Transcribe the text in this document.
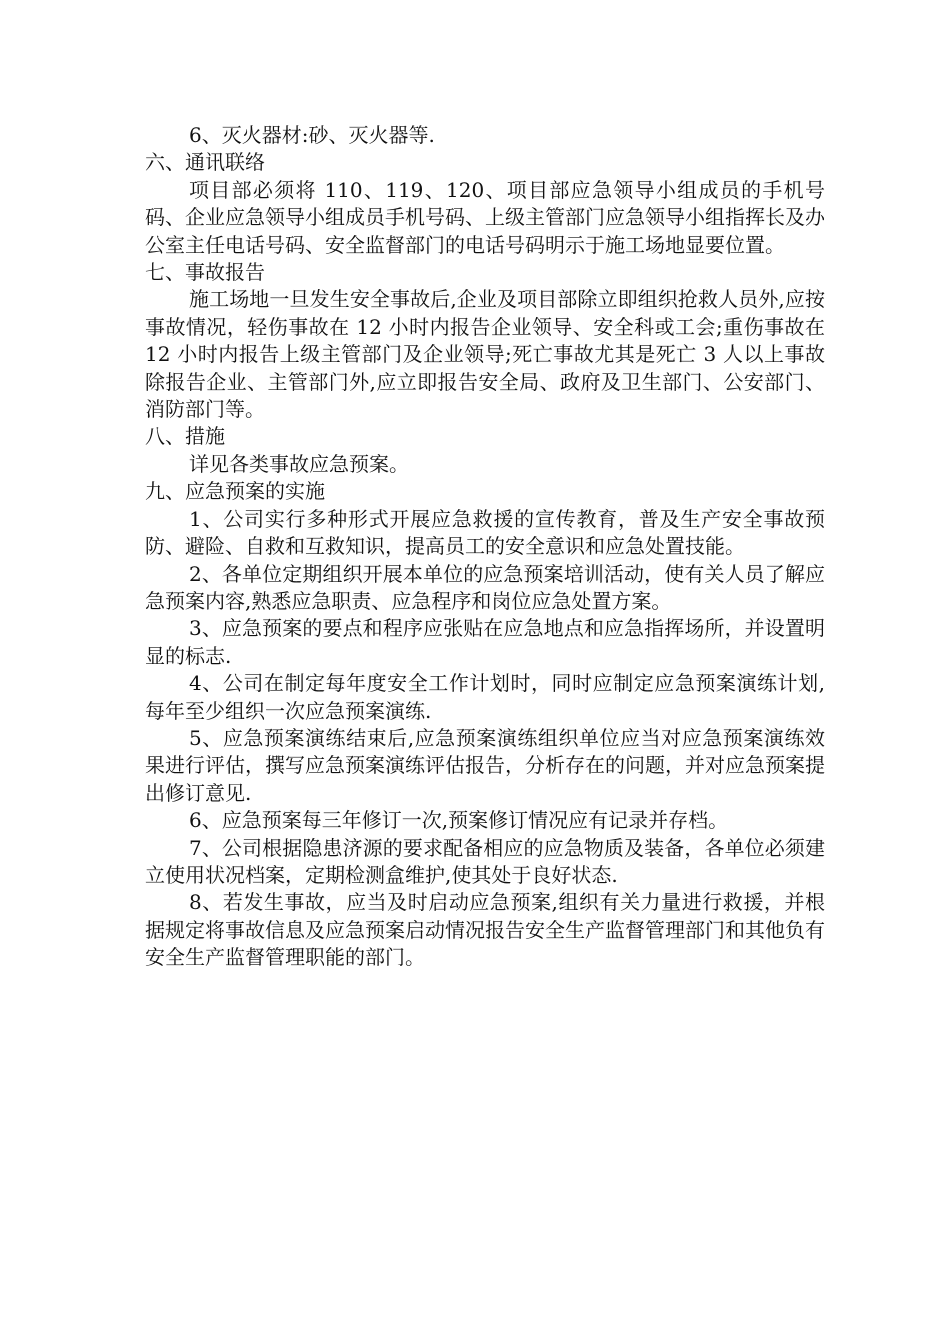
6、灭火器材:砂、灭火器等.

六、通讯联络

项目部必须将 110、119、120、项目部应急领导小组成员的手机号码、企业应急领导小组成员手机号码、上级主管部门应急领导小组指挥长及办公室主任电话号码、安全监督部门的电话号码明示于施工场地显要位置。

七、事故报告

施工场地一旦发生安全事故后,企业及项目部除立即组织抢救人员外,应按事故情况，轻伤事故在 12 小时内报告企业领导、安全科或工会;重伤事故在 12 小时内报告上级主管部门及企业领导;死亡事故尤其是死亡 3 人以上事故除报告企业、主管部门外,应立即报告安全局、政府及卫生部门、公安部门、消防部门等。

八、措施

详见各类事故应急预案。

九、应急预案的实施

1、公司实行多种形式开展应急救援的宣传教育，普及生产安全事故预防、避险、自救和互救知识，提高员工的安全意识和应急处置技能。

2、各单位定期组织开展本单位的应急预案培训活动，使有关人员了解应急预案内容,熟悉应急职责、应急程序和岗位应急处置方案。

3、应急预案的要点和程序应张贴在应急地点和应急指挥场所，并设置明显的标志.

4、公司在制定每年度安全工作计划时，同时应制定应急预案演练计划,每年至少组织一次应急预案演练.

5、应急预案演练结束后,应急预案演练组织单位应当对应急预案演练效果进行评估，撰写应急预案演练评估报告，分析存在的问题，并对应急预案提出修订意见.

6、应急预案每三年修订一次,预案修订情况应有记录并存档。

7、公司根据隐患济源的要求配备相应的应急物质及装备，各单位必须建立使用状况档案，定期检测盒维护,使其处于良好状态.

8、若发生事故，应当及时启动应急预案,组织有关力量进行救援，并根据规定将事故信息及应急预案启动情况报告安全生产监督管理部门和其他负有安全生产监督管理职能的部门。
